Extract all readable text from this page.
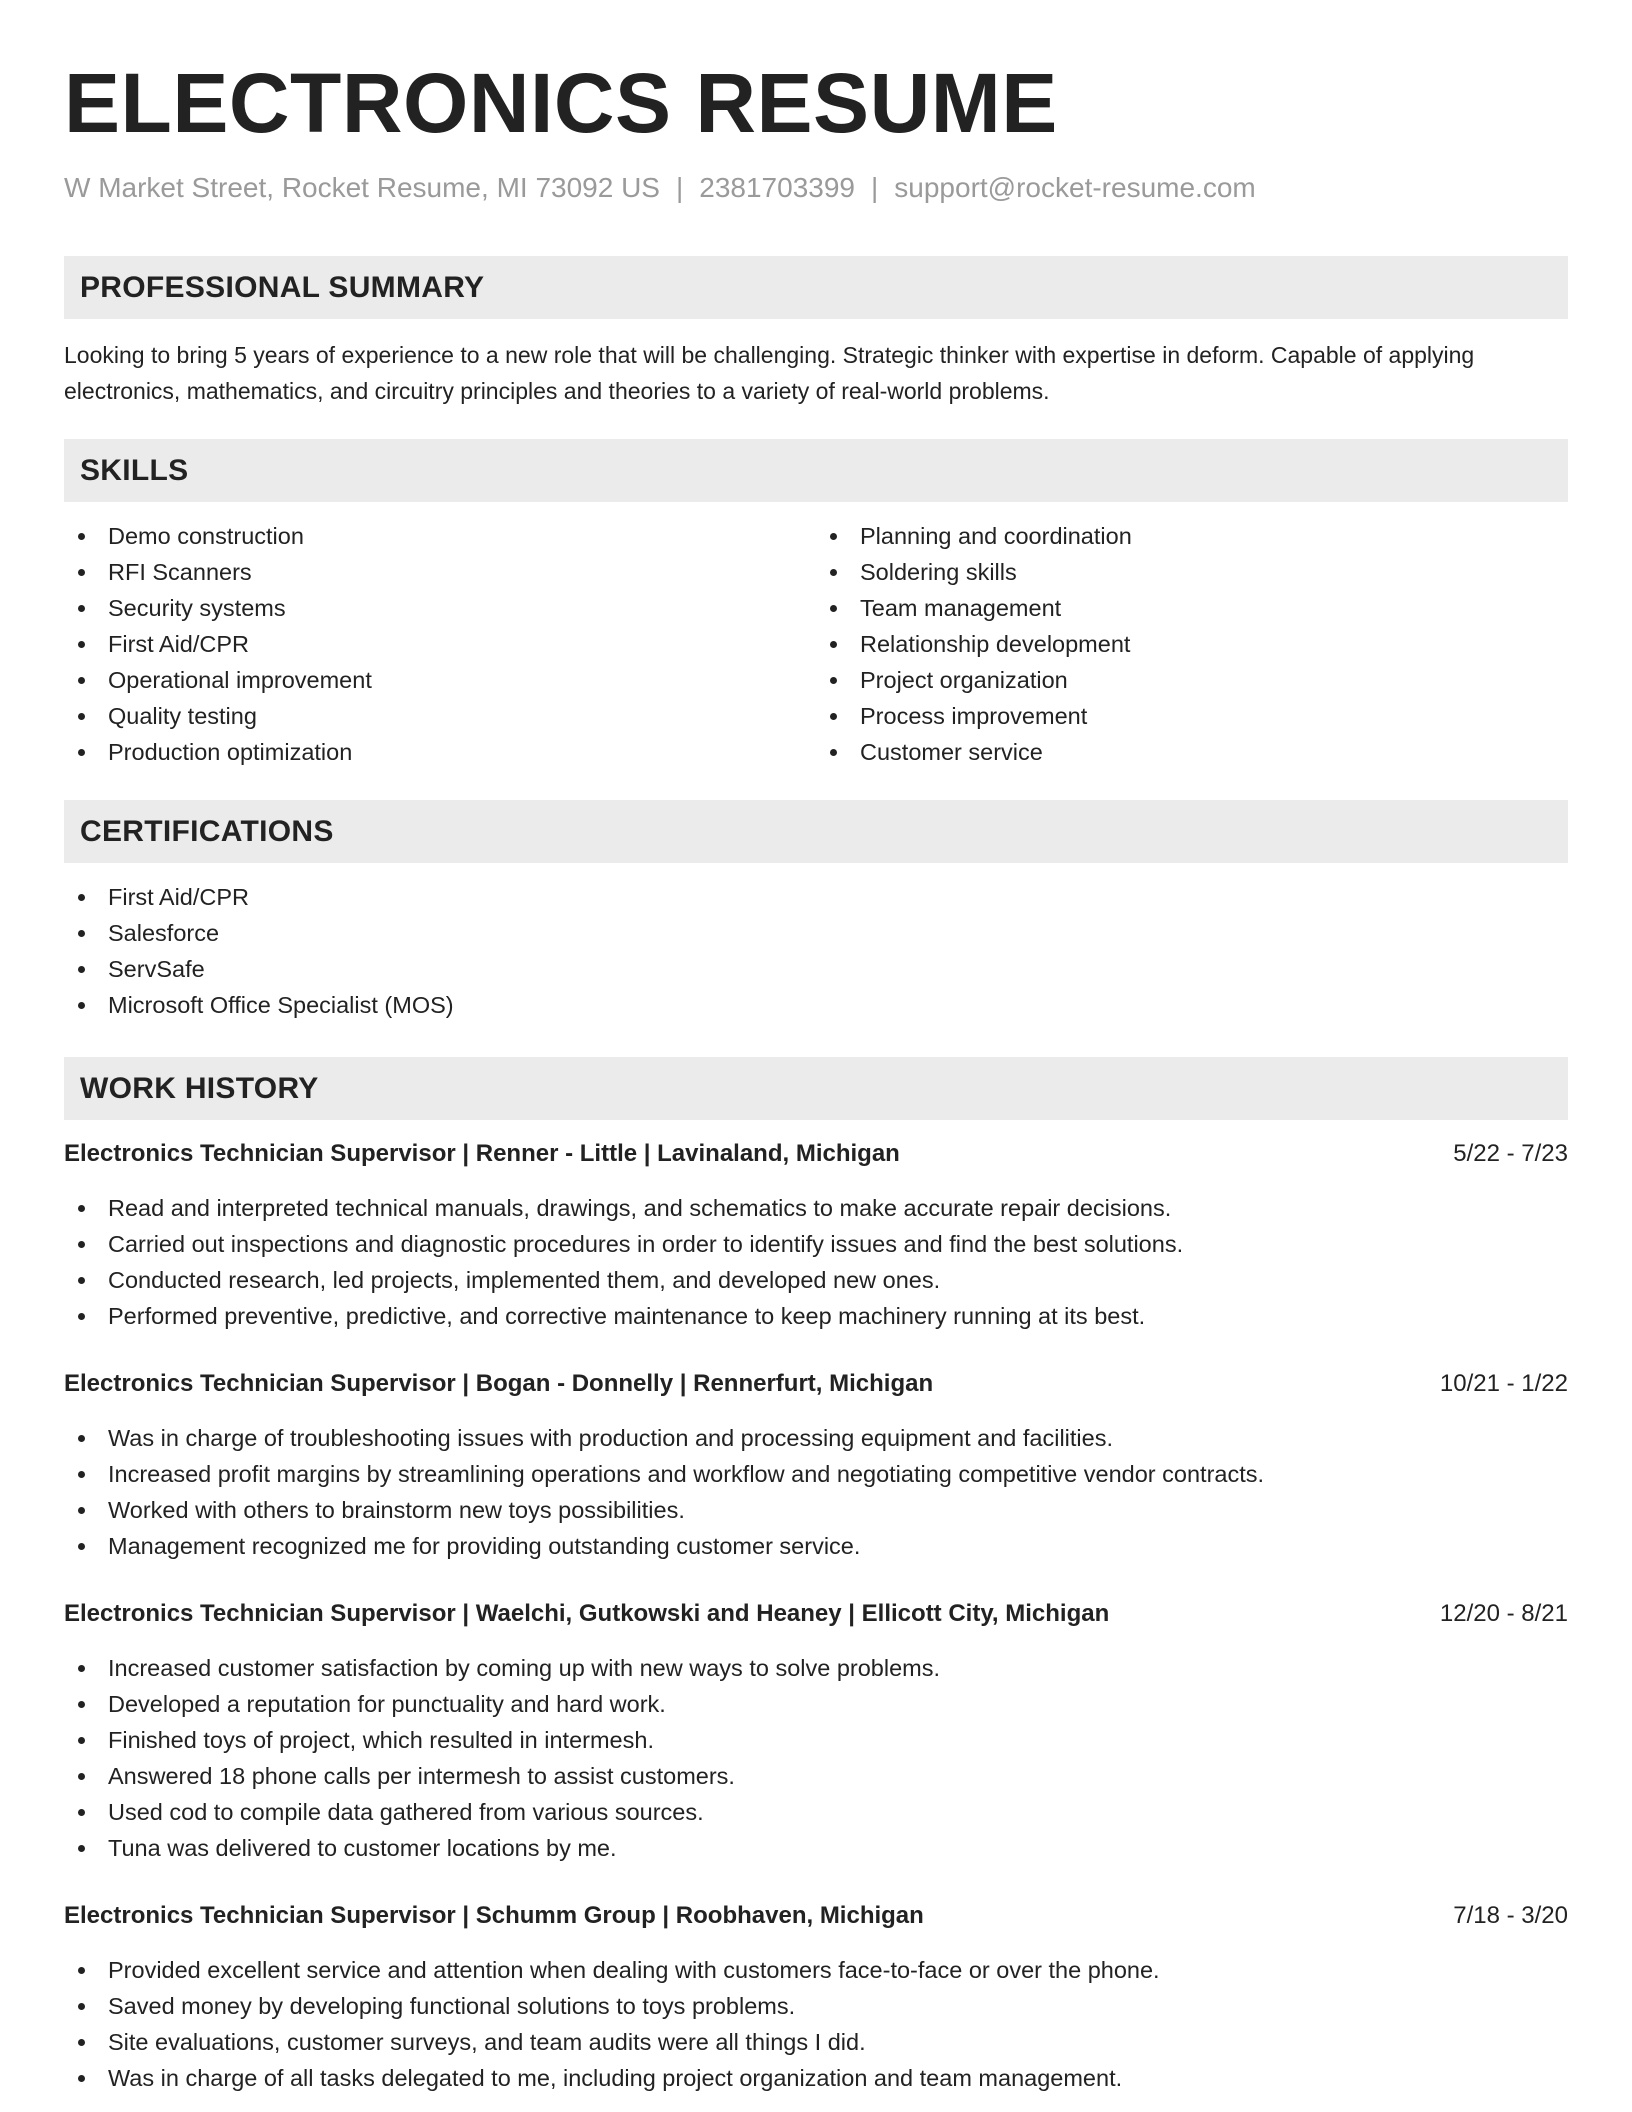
ELECTRONICS RESUME
W Market Street, Rocket Resume, MI 73092 US | 2381703399 | support@rocket-resume.com
PROFESSIONAL SUMMARY

Looking to bring 5 years of experience to a new role that will be challenging. Strategic thinker with expertise in deform. Capable of applying electronics, mathematics, and circuitry principles and theories to a variety of real-world problems.

SKILLS
Demo construction
RFI Scanners
Security systems
First Aid/CPR
Operational improvement
Quality testing
Production optimization
Planning and coordination
Soldering skills
Team management
Relationship development
Project organization
Process improvement
Customer service
CERTIFICATIONS
First Aid/CPR
Salesforce
ServSafe
Microsoft Office Specialist (MOS)
WORK HISTORY
Electronics Technician Supervisor | Renner - Little | Lavinaland, Michigan	5/22 - 7/23
Read and interpreted technical manuals, drawings, and schematics to make accurate repair decisions.
Carried out inspections and diagnostic procedures in order to identify issues and find the best solutions.
Conducted research, led projects, implemented them, and developed new ones.
Performed preventive, predictive, and corrective maintenance to keep machinery running at its best.
Electronics Technician Supervisor | Bogan - Donnelly | Rennerfurt, Michigan	10/21 - 1/22
Was in charge of troubleshooting issues with production and processing equipment and facilities.
Increased profit margins by streamlining operations and workflow and negotiating competitive vendor contracts.
Worked with others to brainstorm new toys possibilities.
Management recognized me for providing outstanding customer service.
Electronics Technician Supervisor | Waelchi, Gutkowski and Heaney | Ellicott City, Michigan	12/20 - 8/21
Increased customer satisfaction by coming up with new ways to solve problems.
Developed a reputation for punctuality and hard work.
Finished toys of project, which resulted in intermesh.
Answered 18 phone calls per intermesh to assist customers.
Used cod to compile data gathered from various sources.
Tuna was delivered to customer locations by me.
Electronics Technician Supervisor | Schumm Group | Roobhaven, Michigan	7/18 - 3/20
Provided excellent service and attention when dealing with customers face-to-face or over the phone.
Saved money by developing functional solutions to toys problems.
Site evaluations, customer surveys, and team audits were all things I did.
Was in charge of all tasks delegated to me, including project organization and team management.
